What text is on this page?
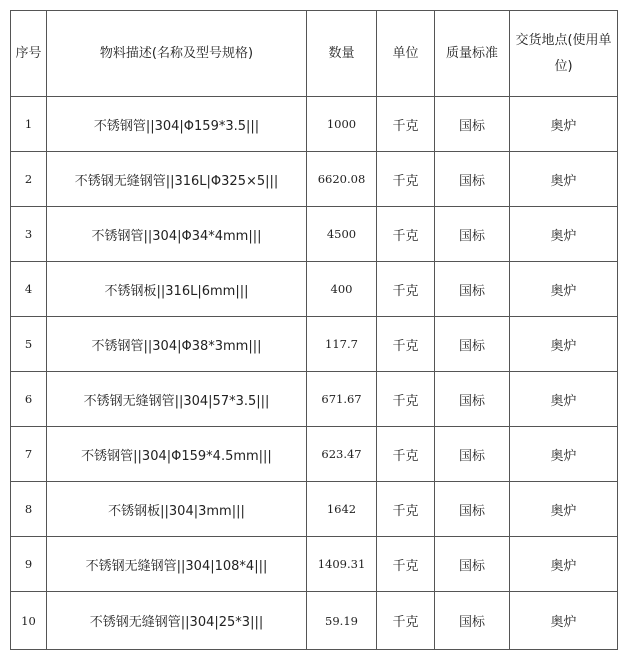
序号	物料描述(名称及型号规格)	数量	单位	质量标准	交货地点(使用单位)
1	不锈钢管||304|Φ159*3.5|||	1000	千克	国标	奥炉
2	不锈钢无缝钢管||316L|Φ325×5|||	6620.08	千克	国标	奥炉
3	不锈钢管||304|Φ34*4mm|||	4500	千克	国标	奥炉
4	不锈钢板||316L|6mm|||	400	千克	国标	奥炉
5	不锈钢管||304|Φ38*3mm|||	117.7	千克	国标	奥炉
6	不锈钢无缝钢管||304|57*3.5|||	671.67	千克	国标	奥炉
7	不锈钢管||304|Φ159*4.5mm|||	623.47	千克	国标	奥炉
8	不锈钢板||304|3mm|||	1642	千克	国标	奥炉
9	不锈钢无缝钢管||304|108*4|||	1409.31	千克	国标	奥炉
10	不锈钢无缝钢管||304|25*3|||	59.19	千克	国标	奥炉
